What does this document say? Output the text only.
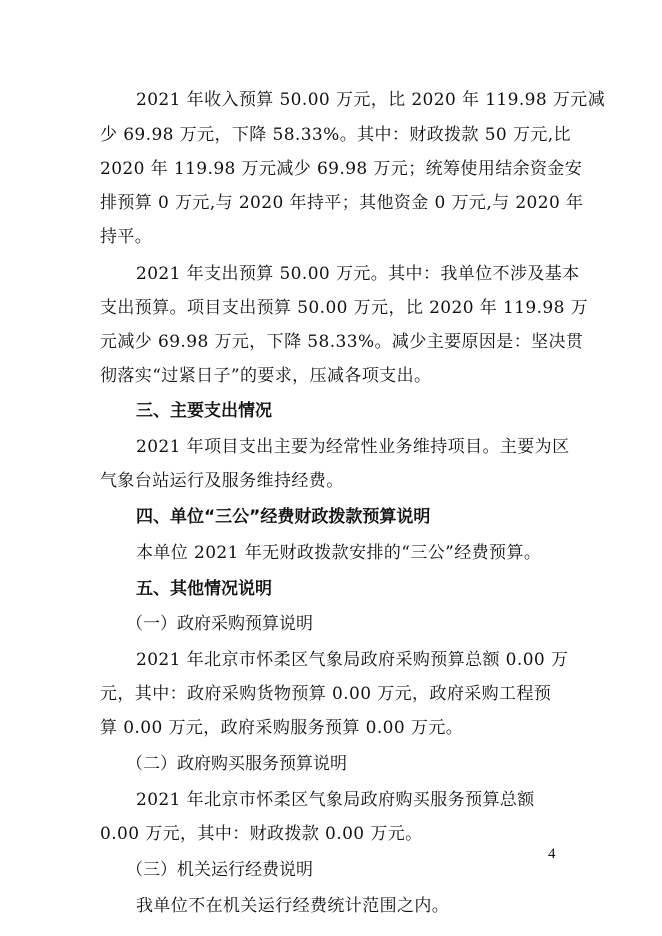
2021 年收入预算 50.00 万元，比 2020 年 119.98 万元减
少 69.98 万元，下降 58.33%。其中：财政拨款 50 万元,比
2020 年 119.98 万元减少 69.98 万元；统筹使用结余资金安
排预算 0 万元,与 2020 年持平；其他资金 0 万元,与 2020 年
持平。
2021 年支出预算 50.00 万元。其中：我单位不涉及基本
支出预算。项目支出预算 50.00 万元，比 2020 年 119.98 万
元减少 69.98 万元，下降 58.33%。减少主要原因是：坚决贯
彻落实“过紧日子”的要求，压减各项支出。
三、主要支出情况
2021 年项目支出主要为经常性业务维持项目。主要为区
气象台站运行及服务维持经费。
四、单位“三公”经费财政拨款预算说明
本单位 2021 年无财政拨款安排的“三公”经费预算。
五、其他情况说明
（一）政府采购预算说明
2021 年北京市怀柔区气象局政府采购预算总额 0.00 万
元，其中：政府采购货物预算 0.00 万元，政府采购工程预
算 0.00 万元，政府采购服务预算 0.00 万元。
（二）政府购买服务预算说明
2021 年北京市怀柔区气象局政府购买服务预算总额
0.00 万元，其中：财政拨款 0.00 万元。
（三）机关运行经费说明
我单位不在机关运行经费统计范围之内。
4
